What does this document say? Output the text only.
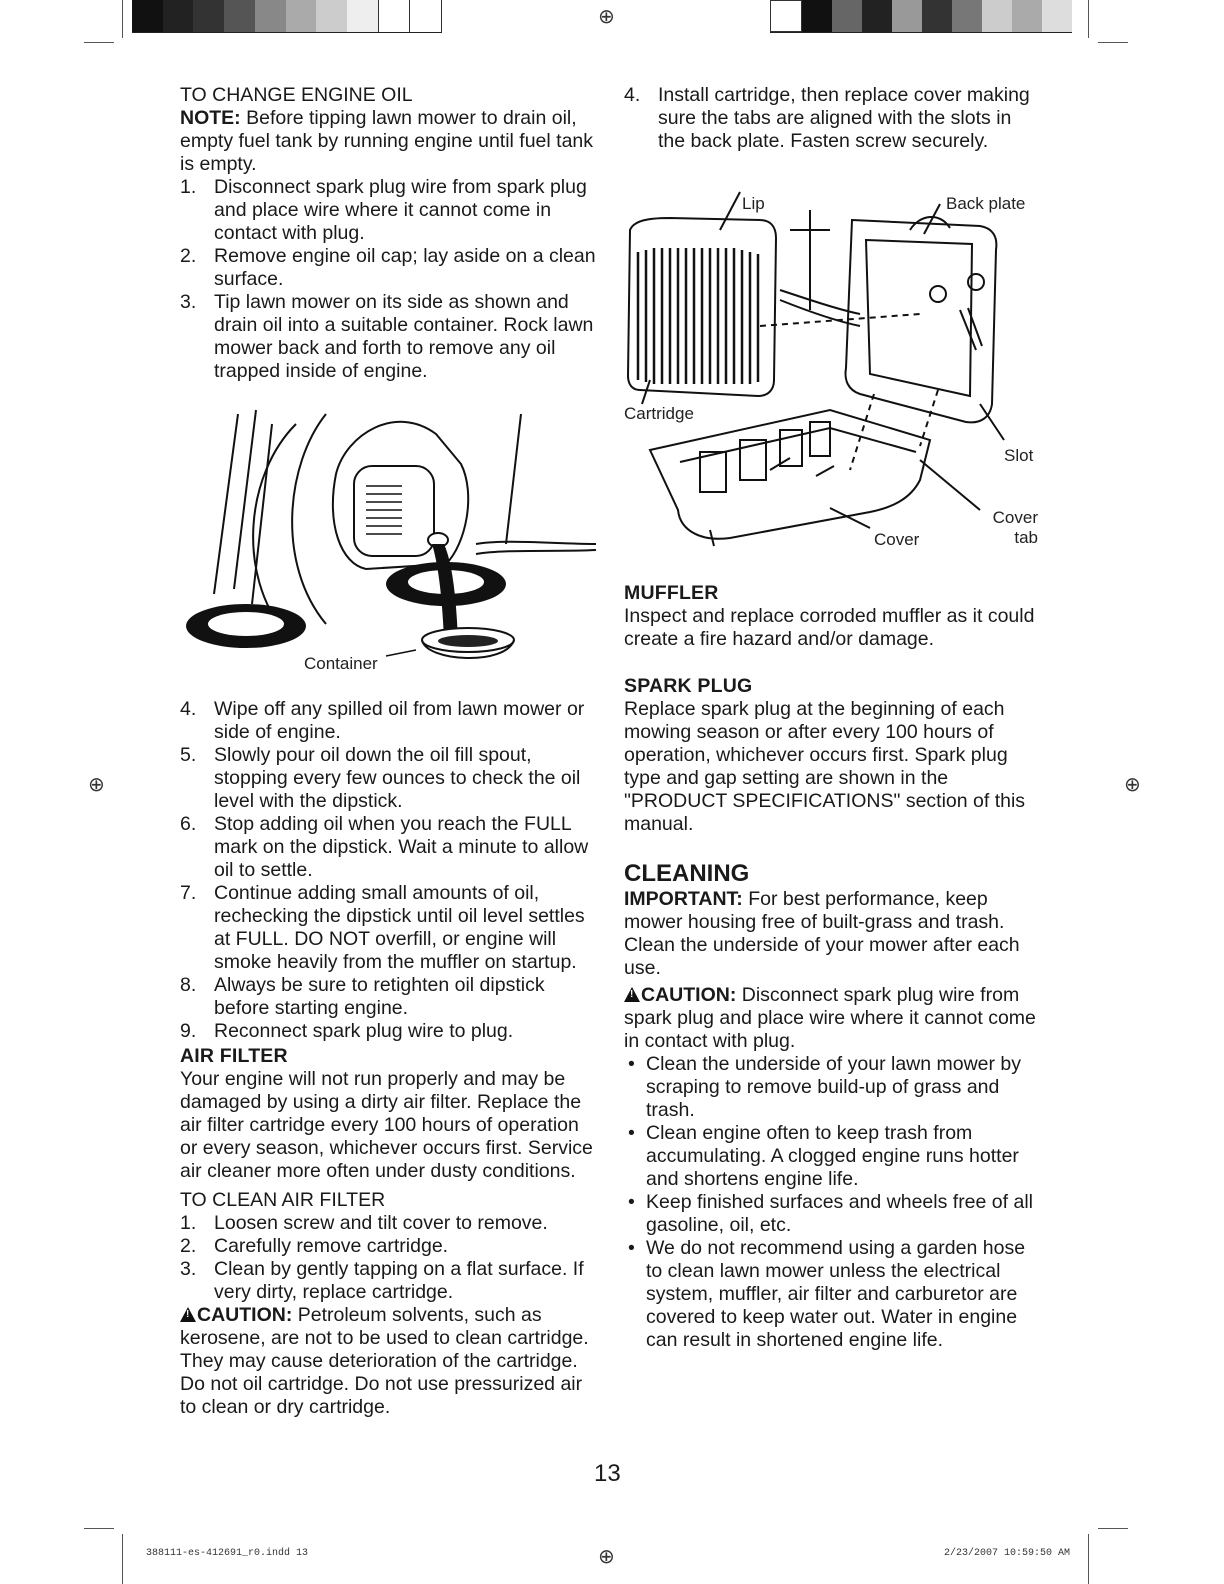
⊕
⊕	⊕
⊕
TO CHANGE ENGINE OIL

NOTE: Before tipping lawn mower to drain oil, empty fuel tank by running engine until fuel tank is empty.

1. Disconnect spark plug wire from spark plug and place wire where it cannot come in contact with plug.
2. Remove engine oil cap; lay aside on a clean surface.
3. Tip lawn mower on its side as shown and drain oil into a suitable container. Rock lawn mower back and forth to remove any oil trapped inside of engine.
Container
4. Wipe off any spilled oil from lawn mower or side of engine.
5. Slowly pour oil down the oil fill spout, stopping every few ounces to check the oil level with the dipstick.
6. Stop adding oil when you reach the FULL mark on the dipstick. Wait a minute to allow oil to settle.
7. Continue adding small amounts of oil, rechecking the dipstick until oil level settles at FULL. DO NOT overfill, or engine will smoke heavily from the muffler on startup.
8. Always be sure to retighten oil dipstick before starting engine.
9. Reconnect spark plug wire to plug.
AIR FILTER

Your engine will not run properly and may be damaged by using a dirty air filter. Replace the air filter cartridge every 100 hours of operation or every season, whichever occurs first. Service air cleaner more often under dusty conditions.

TO CLEAN AIR FILTER
1. Loosen screw and tilt cover to remove.
2. Carefully remove cartridge.
3. Clean by gently tapping on a flat surface. If very dirty, replace cartridge.

!CAUTION: Petroleum solvents, such as kerosene, are not to be used to clean cartridge. They may cause deterioration of the cartridge. Do not oil cartridge. Do not use pressurized air to clean or dry cartridge.

4. Install cartridge, then replace cover making sure the tabs are aligned with the slots in the back plate. Fasten screw securely.
Lip	Back plate
Cartridge
Slot
Cover
Cover tab
MUFFLER

Inspect and replace corroded muffler as it could create a fire hazard and/or damage.

SPARK PLUG

Replace spark plug at the beginning of each mowing season or after every 100 hours of operation, whichever occurs first. Spark plug type and gap setting are shown in the "PRODUCT SPECIFICATIONS" section of this manual.

CLEANING

IMPORTANT: For best performance, keep mower housing free of built-grass and trash. Clean the underside of your mower after each use.

!CAUTION: Disconnect spark plug wire from spark plug and place wire where it cannot come in contact with plug.

• Clean the underside of your lawn mower by scraping to remove build-up of grass and trash.
• Clean engine often to keep trash from accumulating. A clogged engine runs hotter and shortens engine life.
• Keep finished surfaces and wheels free of all gasoline, oil, etc.
• We do not recommend using a garden hose to clean lawn mower unless the electrical system, muffler, air filter and carburetor are covered to keep water out. Water in engine can result in shortened engine life.
13
388111-es-412691_r0.indd 13	2/23/2007 10:59:50 AM
